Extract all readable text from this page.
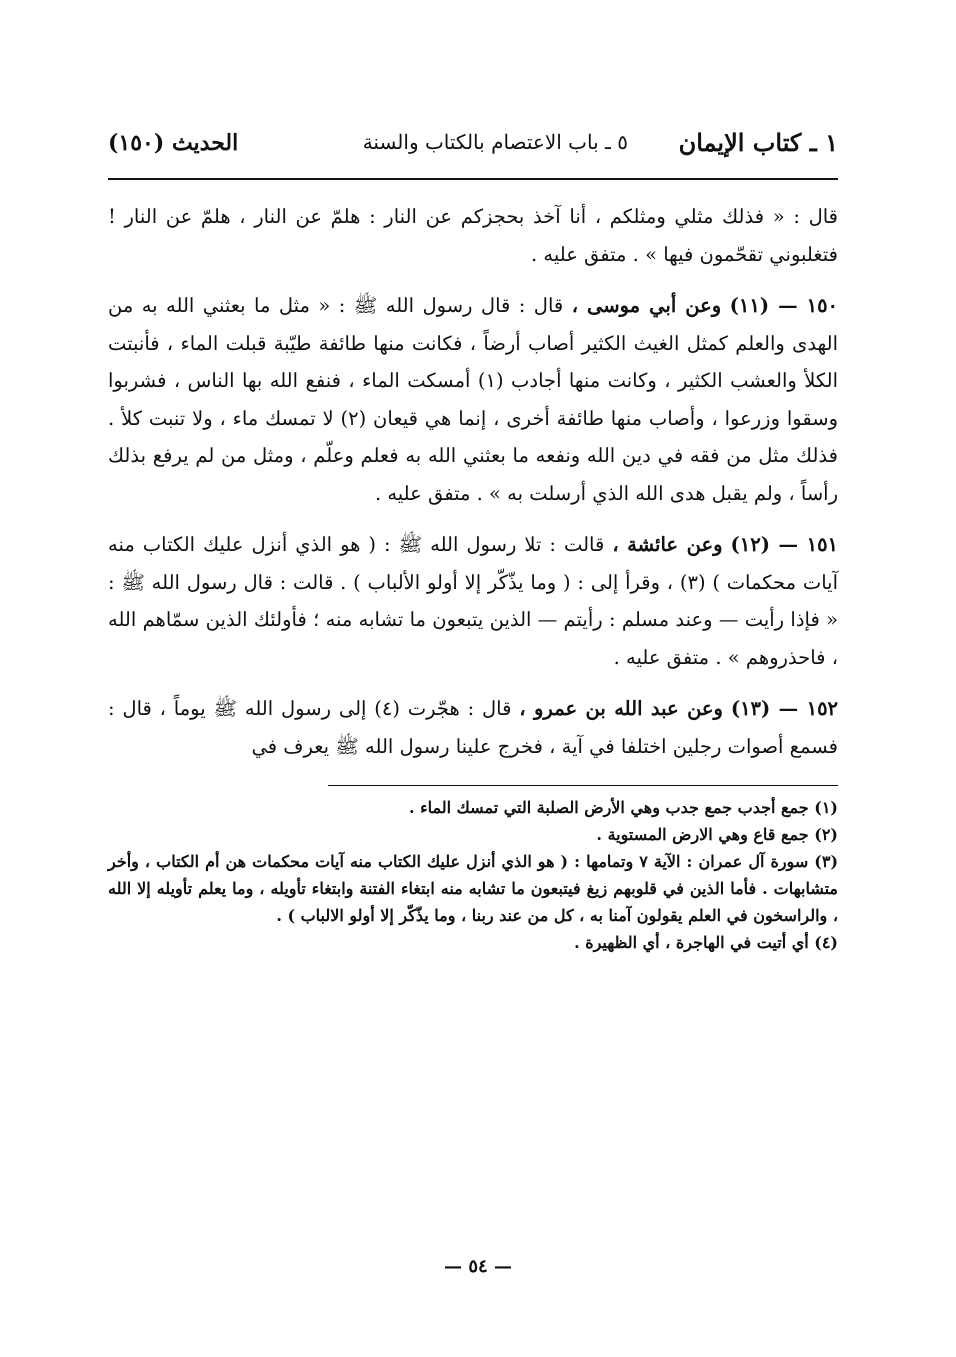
١ ـ كتاب الإيمان
٥ ـ باب الاعتصام بالكتاب والسنة
الحديث (١٥٠)

قال : « فذلك مثلي ومثلكم ، أنا آخذ بحجزكم عن النار : هلمّ عن النار ، هلمّ عن النار ! فتغلبوني تقحّمون فيها » . متفق عليه .

١٥٠ — (١١) وعن أبي موسى ، قال : قال رسول الله ﷺ : « مثل ما بعثني الله به من الهدى والعلم كمثل الغيث الكثير أصاب أرضاً ، فكانت منها طائفة طيّبة قبلت الماء ، فأنبتت الكلأ والعشب الكثير ، وكانت منها أجادب (١) أمسكت الماء ، فنفع الله بها الناس ، فشربوا وسقوا وزرعوا ، وأصاب منها طائفة أخرى ، إنما هي قيعان (٢) لا تمسك ماء ، ولا تنبت كلأ . فذلك مثل من فقه في دين الله ونفعه ما بعثني الله به فعلم وعلّم ، ومثل من لم يرفع بذلك رأساً ، ولم يقبل هدى الله الذي أرسلت به » . متفق عليه .

١٥١ — (١٢) وعن عائشة ، قالت : تلا رسول الله ﷺ : ( هو الذي أنزل عليك الكتاب منه آيات محكمات ) (٣) ، وقرأ إلى : ( وما يذّكّر إلا أولو الألباب ) . قالت : قال رسول الله ﷺ : « فإذا رأيت — وعند مسلم : رأيتم — الذين يتبعون ما تشابه منه ؛ فأولئك الذين سمّاهم الله ، فاحذروهم » . متفق عليه .

١٥٢ — (١٣) وعن عبد الله بن عمرو ، قال : هجّرت (٤) إلى رسول الله ﷺ يوماً ، قال : فسمع أصوات رجلين اختلفا في آية ، فخرج علينا رسول الله ﷺ يعرف في

(١) جمع أجدب جمع جدب وهي الأرض الصلبة التي تمسك الماء .

(٢) جمع قاع وهي الارض المستوية .

(٣) سورة آل عمران : الآية ٧ وتمامها : ( هو الذي أنزل عليك الكتاب منه آيات محكمات هن أم الكتاب ، وأخر متشابهات . فأما الذين في قلوبهم زيغ فيتبعون ما تشابه منه ابتغاء الفتنة وابتغاء تأويله ، وما يعلم تأويله إلا الله ، والراسخون في العلم يقولون آمنا به ، كل من عند ربنا ، وما يذّكّر إلا أولو الالباب ) .

(٤) أي أتيت في الهاجرة ، أي الظهيرة .

— ٥٤ —
